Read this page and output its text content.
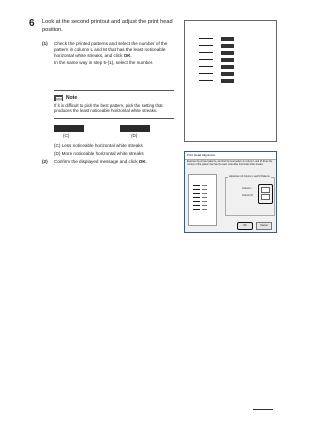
6 Look at the second printout and adjust the print head position.
(1)	Check the printed patterns and select the number of the pattern in column L and M that has the least noticeable horizontal white streaks, and click OK.
In the same way in step 5-(1), select the number.
Note
If it is difficult to pick the best pattern, pick the setting that produces the least noticeable horizontal white streaks.
(C)	(D)
(C) Less noticeable horizontal white streaks
(D) More noticeable horizontal white streaks
(2)	Confirm the displayed message and click OK.
Print Head Alignment
Examine the printed patterns, and find the best pattern in column L and M. Enter the number of the pattern that has the least noticeable horizontal white streaks.
Adjustment of Column L and M Patterns
Column L:
Column M:
OK	Cancel
